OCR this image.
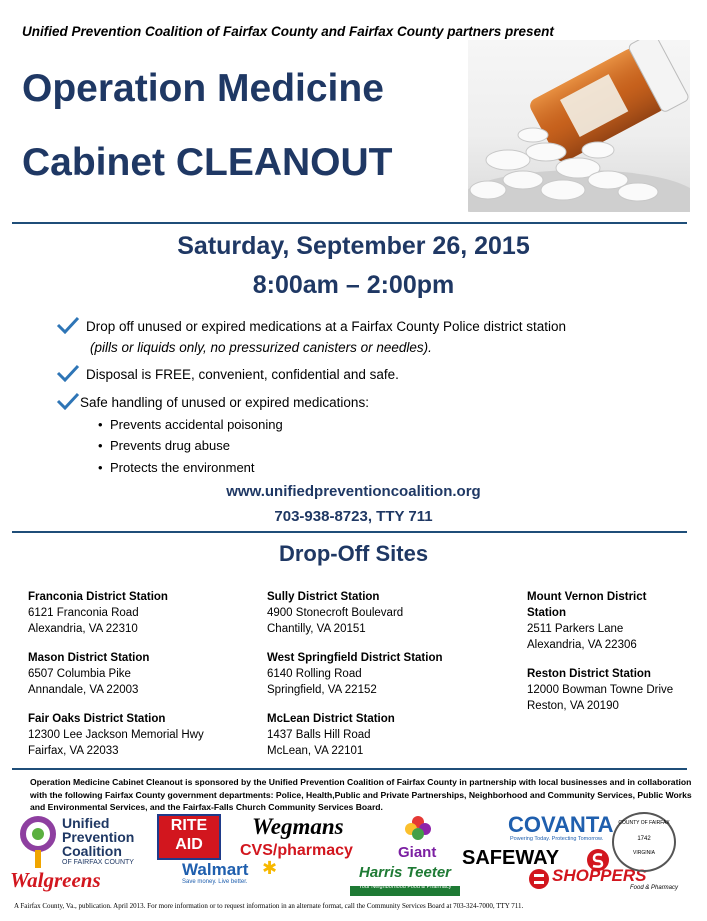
Unified Prevention Coalition of Fairfax County and Fairfax County partners present
Operation Medicine
Cabinet CLEANOUT
Saturday, September 26, 2015
8:00am – 2:00pm
Drop off unused or expired medications at a Fairfax County Police district station
(pills or liquids only, no pressurized canisters or needles).
Disposal is FREE, convenient, confidential and safe.
Safe handling of unused or expired medications:
• Prevents accidental poisoning
• Prevents drug abuse
• Protects the environment
www.unifiedpreventioncoalition.org
703-938-8723, TTY 711
Drop-Off Sites
Franconia District Station
6121 Franconia Road
Alexandria, VA 22310
Mason District Station
6507 Columbia Pike
Annandale, VA 22003
Fair Oaks District Station
12300 Lee Jackson Memorial Hwy
Fairfax, VA 22033
Sully District Station
4900 Stonecroft Boulevard
Chantilly, VA 20151
West Springfield District Station
6140 Rolling Road
Springfield, VA 22152
McLean District Station
1437 Balls Hill Road
McLean, VA 22101
Mount Vernon District
Station
2511 Parkers Lane
Alexandria, VA 22306
Reston District Station
12000 Bowman Towne Drive
Reston, VA 20190
Operation Medicine Cabinet Cleanout is sponsored by the Unified Prevention Coalition of Fairfax County in partnership with local businesses and in collaboration with the following Fairfax County government departments: Police, Health,Public and Private Partnerships, Neighborhood and Community Services, Public Works and Environmental Services, and the Fairfax-Falls Church Community Services Board.
Unified
Prevention
Coalition
OF FAIRFAX COUNTY
Walgreens
RITE
AID
Walmart ✱
Save money. Live better.
Wegmans
CVS/pharmacy
Harris Teeter
Your Neighborhood Food & Pharmacy
Giant
COVANTA
Powering Today. Protecting Tomorrow.
SAFEWAY
SHOPPERS
Food & Pharmacy
COUNTY OF FAIRFAX
1742
VIRGINIA
A Fairfax County, Va., publication. April 2013. For more information or to request information in an alternate format, call the Community Services Board at 703-324-7000, TTY 711.
